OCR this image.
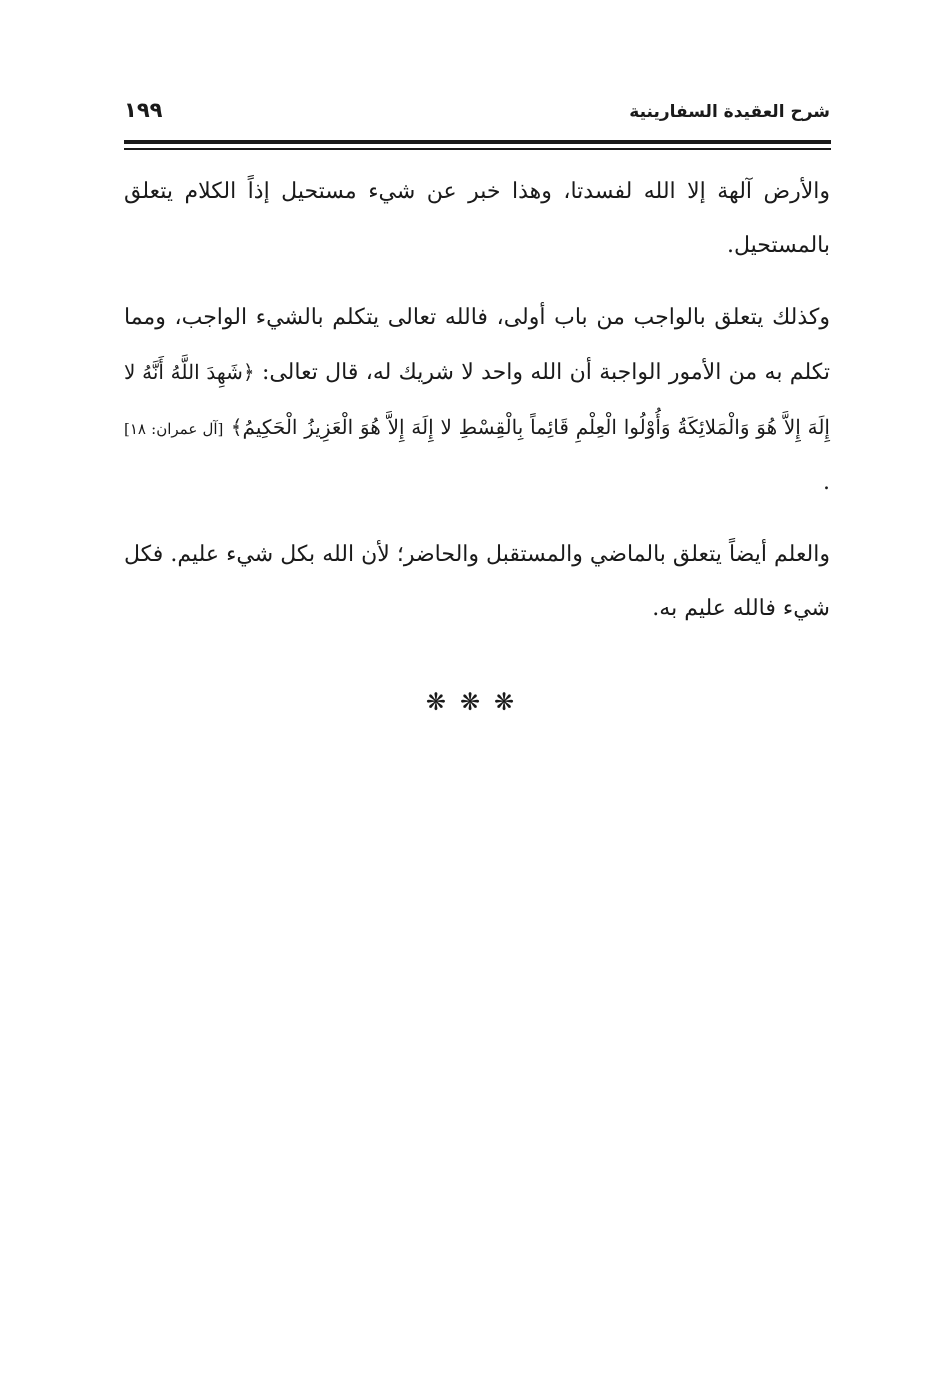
شرح العقيدة السفارينية
١٩٩

والأرض آلهة إلا الله لفسدتا، وهذا خبر عن شيء مستحيل إذاً الكلام يتعلق بالمستحيل.

وكذلك يتعلق بالواجب من باب أولى، فالله تعالى يتكلم بالشيء الواجب، ومما تكلم به من الأمور الواجبة أن الله واحد لا شريك له، قال تعالى: ﴿شَهِدَ اللَّهُ أَنَّهُ لا إِلَهَ إِلاَّ هُوَ وَالْمَلائِكَةُ وَأُوْلُوا الْعِلْمِ قَائِماً بِالْقِسْطِ لا إِلَهَ إِلاَّ هُوَ الْعَزِيزُ الْحَكِيمُ﴾ [آل عمران: ١٨] .

والعلم أيضاً يتعلق بالماضي والمستقبل والحاضر؛ لأن الله بكل شيء عليم. فكل شيء فالله عليم به.

❋❋❋
